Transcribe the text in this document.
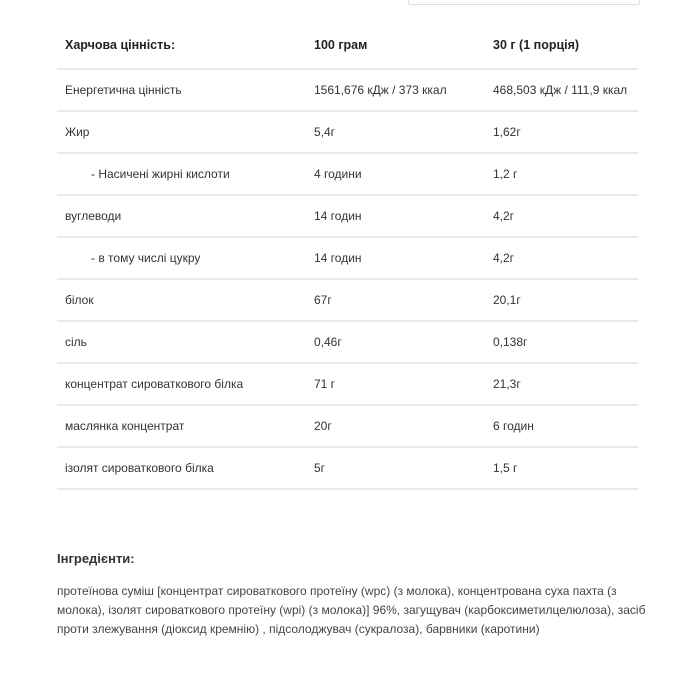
Харчова цінність:	100 грам	30 г (1 порція)
Енергетична цінність	1561,676 кДж / 373 ккал	468,503 кДж / 111,9 ккал
Жир	5,4г	1,62г
- Насичені жирні кислоти	4 години	1,2 г
вуглеводи	14 годин	4,2г
- в тому числі цукру	14 годин	4,2г
білок	67г	20,1г
сіль	0,46г	0,138г
концентрат сироваткового білка	71 г	21,3г
маслянка концентрат	20г	6 годин
ізолят сироваткового білка	5г	1,5 г
Інгредієнти:
протеїнова суміш [концентрат сироваткового протеїну (wpc) (з молока), концентрована суха пахта (з молока), ізолят сироваткового протеїну (wpi) (з молока)] 96%, загущувач (карбоксиметилцелюлоза), засіб проти злежування (діоксид кремнію) , підсолоджувач (сукралоза), барвники (каротини)
